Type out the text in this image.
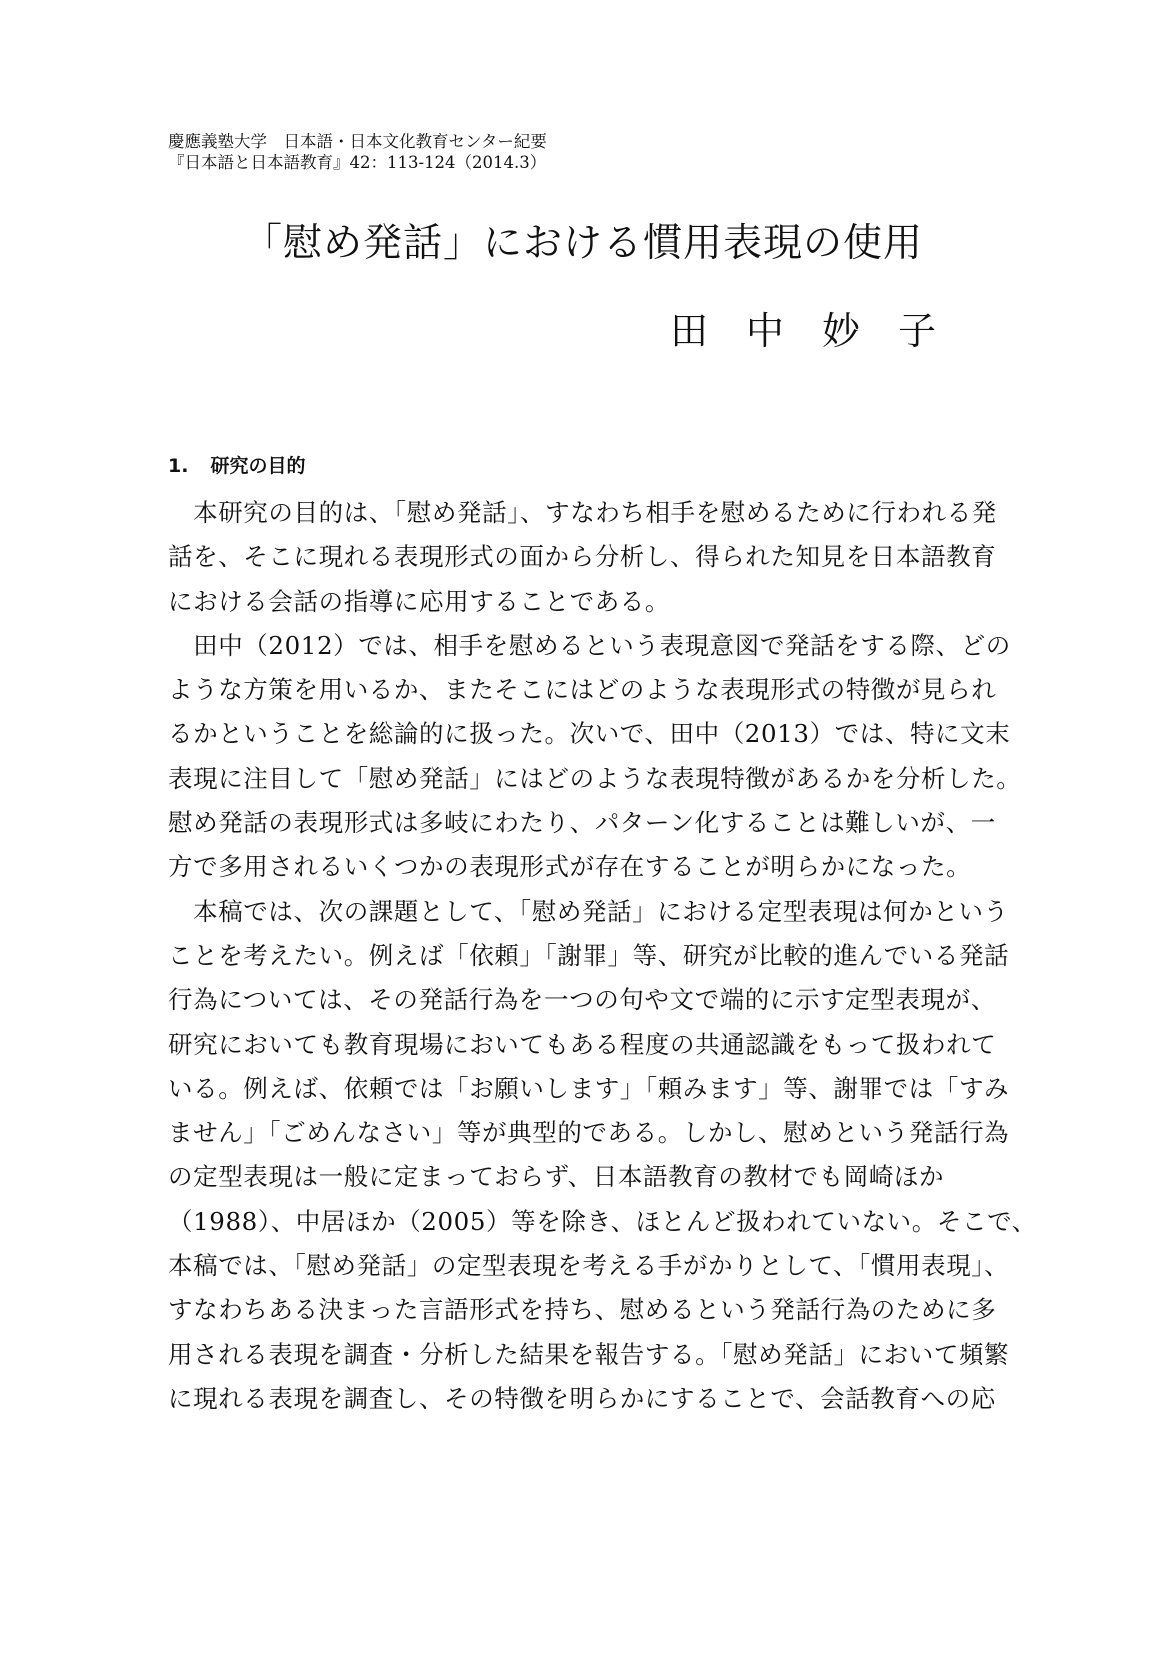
慶應義塾大学　日本語・日本文化教育センター紀要
『日本語と日本語教育』42：113-124（2014.3）
「慰め発話」における慣用表現の使用
田中妙子
1. 研究の目的
　本研究の目的は、「慰め発話」、すなわち相手を慰めるために行われる発
話を、そこに現れる表現形式の面から分析し、得られた知見を日本語教育
における会話の指導に応用することである。
　田中（2012）では、相手を慰めるという表現意図で発話をする際、どの
ような方策を用いるか、またそこにはどのような表現形式の特徴が見られ
るかということを総論的に扱った。次いで、田中（2013）では、特に文末
表現に注目して「慰め発話」にはどのような表現特徴があるかを分析した。
慰め発話の表現形式は多岐にわたり、パターン化することは難しいが、一
方で多用されるいくつかの表現形式が存在することが明らかになった。
　本稿では、次の課題として、「慰め発話」における定型表現は何かという
ことを考えたい。例えば「依頼」「謝罪」等、研究が比較的進んでいる発話
行為については、その発話行為を一つの句や文で端的に示す定型表現が、
研究においても教育現場においてもある程度の共通認識をもって扱われて
いる。例えば、依頼では「お願いします」「頼みます」等、謝罪では「すみ
ません」「ごめんなさい」等が典型的である。しかし、慰めという発話行為
の定型表現は一般に定まっておらず、日本語教育の教材でも岡崎ほか
（1988）、中居ほか（2005）等を除き、ほとんど扱われていない。そこで、
本稿では、「慰め発話」の定型表現を考える手がかりとして、「慣用表現」、
すなわちある決まった言語形式を持ち、慰めるという発話行為のために多
用される表現を調査・分析した結果を報告する。「慰め発話」において頻繁
に現れる表現を調査し、その特徴を明らかにすることで、会話教育への応
